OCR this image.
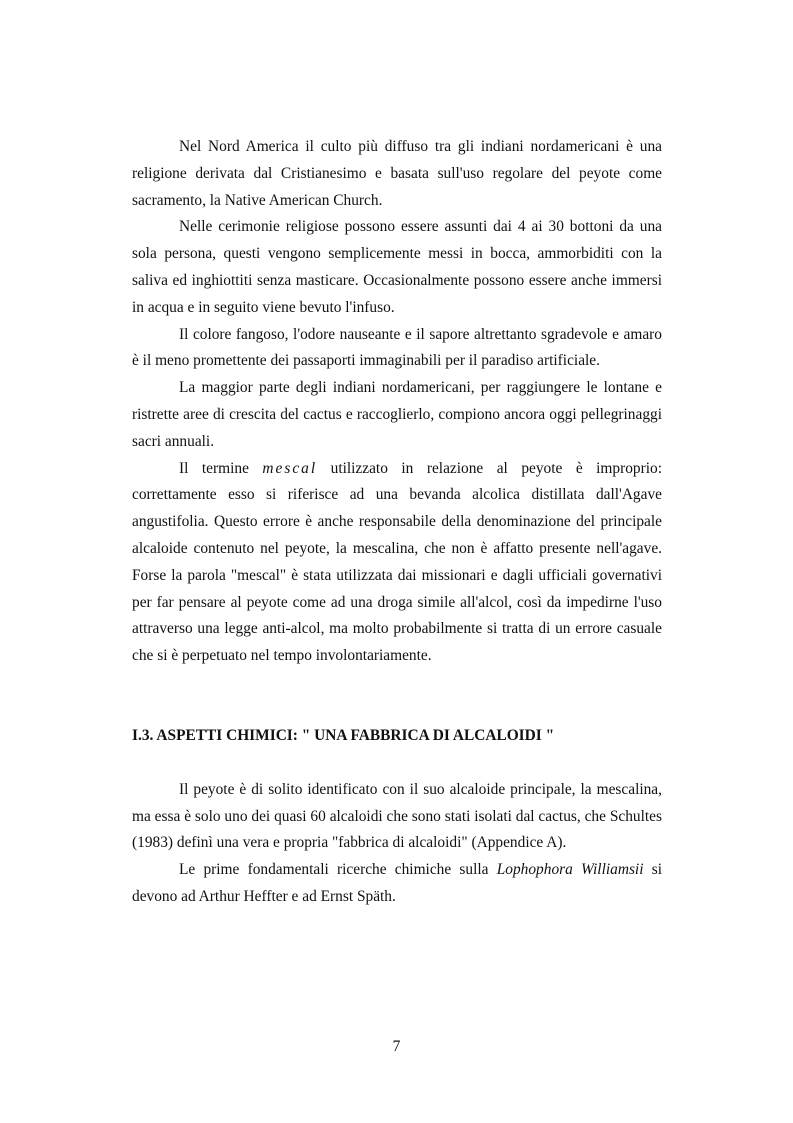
Nel Nord America il culto più diffuso tra gli indiani nordamericani è una religione derivata dal Cristianesimo e basata sull'uso regolare del peyote come sacramento, la Native American Church.

Nelle cerimonie religiose possono essere assunti dai 4 ai 30 bottoni da una sola persona, questi vengono semplicemente messi in bocca, ammorbiditi con la saliva ed inghiottiti senza masticare. Occasionalmente possono essere anche immersi in acqua e in seguito viene bevuto l'infuso.

Il colore fangoso, l'odore nauseante e il sapore altrettanto sgradevole e amaro è il meno promettente dei passaporti immaginabili per il paradiso artificiale.

La maggior parte degli indiani nordamericani, per raggiungere le lontane e ristrette aree di crescita del cactus e raccoglierlo, compiono ancora oggi pellegrinaggi sacri annuali.

Il termine mescal utilizzato in relazione al peyote è improprio: correttamente esso si riferisce ad una bevanda alcolica distillata dall'Agave angustifolia. Questo errore è anche responsabile della denominazione del principale alcaloide contenuto nel peyote, la mescalina, che non è affatto presente nell'agave. Forse la parola "mescal" è stata utilizzata dai missionari e dagli ufficiali governativi per far pensare al peyote come ad una droga simile all'alcol, così da impedirne l'uso attraverso una legge anti-alcol, ma molto probabilmente si tratta di un errore casuale che si è perpetuato nel tempo involontariamente.

I.3. ASPETTI CHIMICI: " UNA FABBRICA DI ALCALOIDI "

Il peyote è di solito identificato con il suo alcaloide principale, la mescalina, ma essa è solo uno dei quasi 60 alcaloidi che sono stati isolati dal cactus, che Schultes (1983) definì una vera e propria "fabbrica di alcaloidi" (Appendice A).

Le prime fondamentali ricerche chimiche sulla Lophophora Williamsii si devono ad Arthur Heffter e ad Ernst Späth.

7
